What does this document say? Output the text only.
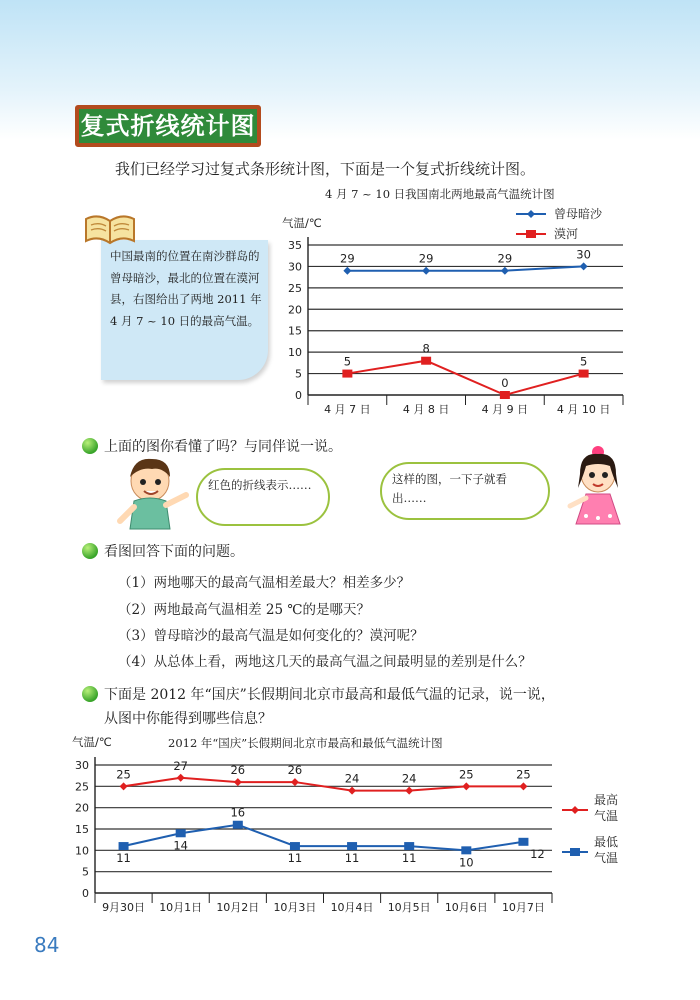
复式折线统计图
我们已经学习过复式条形统计图，下面是一个复式折线统计图。
4 月 7 ~ 10 日我国南北两地最高气温统计图
中国最南的位置在南沙群岛的曾母暗沙，最北的位置在漠河县，右图给出了两地 2011 年 4 月 7 ~ 10 日的最高气温。
气温/℃
0
5
10
15
20
25
30
35
4 月 7 日	4 月 8 日	4 月 9 日	4 月 10 日
29	29	29	30
5
8
0
5
曾母暗沙
漠河
上面的图你看懂了吗？与同伴说一说。
红色的折线表示……	这样的图，一下子就看出……
看图回答下面的问题。
（1）两地哪天的最高气温相差最大？相差多少？
（2）两地最高气温相差 25 ℃的是哪天？
（3）曾母暗沙的最高气温是如何变化的？漠河呢？
（4）从总体上看，两地这几天的最高气温之间最明显的差别是什么？
下面是 2012 年“国庆”长假期间北京市最高和最低气温的记录，说一说，
从图中你能得到哪些信息？
2012 年“国庆”长假期间北京市最高和最低气温统计图
气温/℃
0
5
10
15
20
25
30
9月30日 10月1日 10月2日 10月3日 10月4日 10月5日 10月6日 10月7日
25
27	26	26
24	24	25	25
11
14
16
11	11	11	10
12
最高
气温
最低
气温
84
